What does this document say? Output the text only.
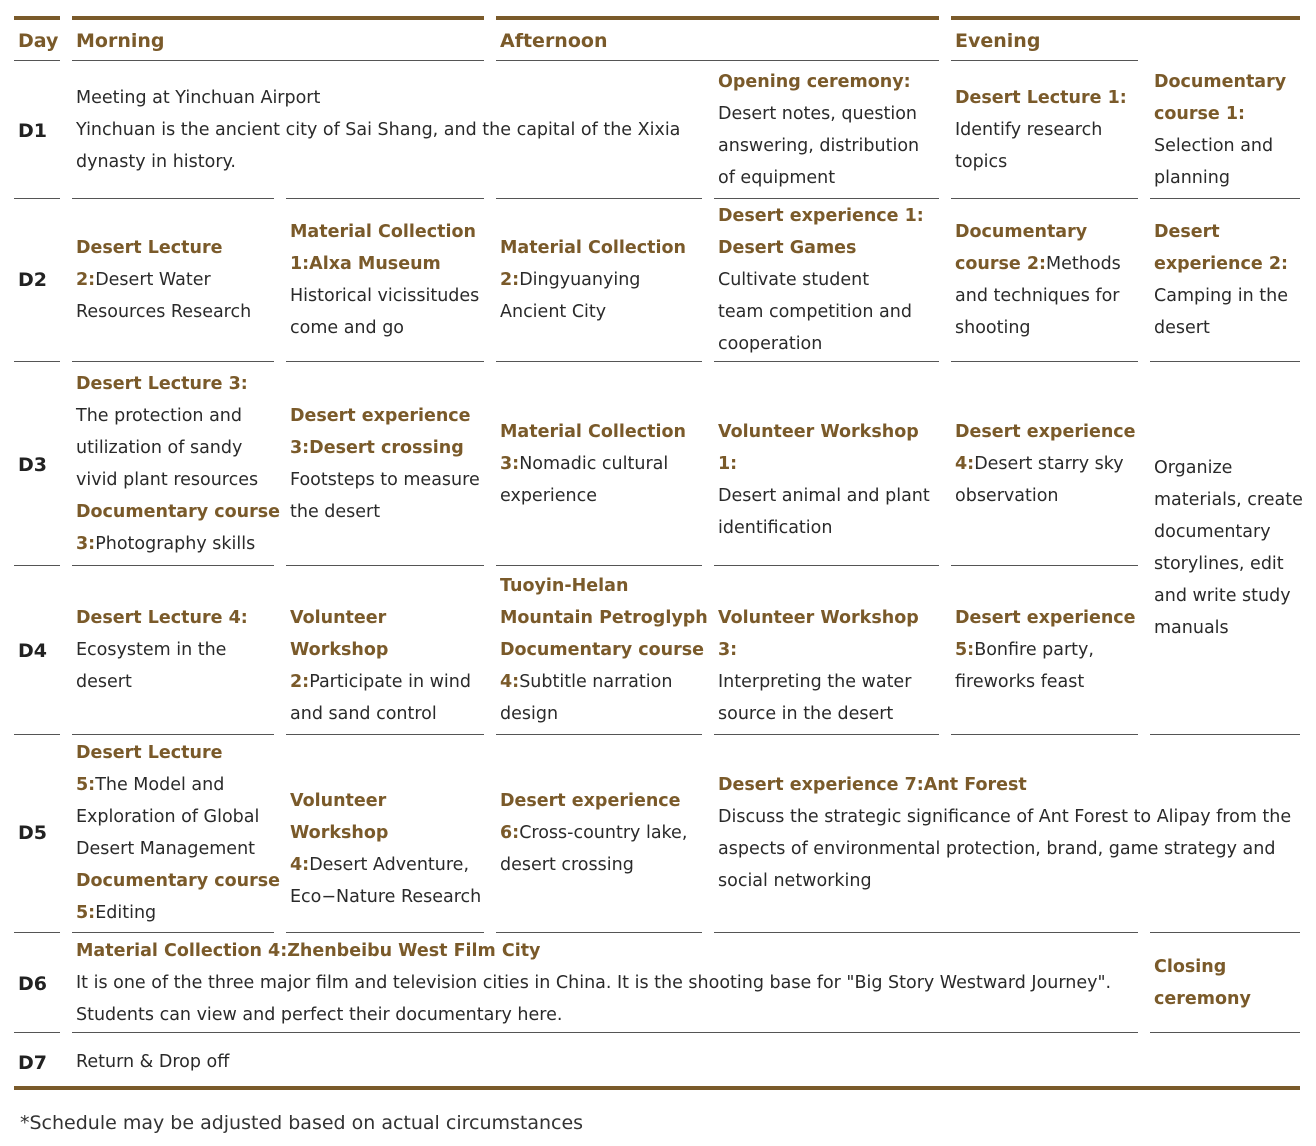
Day Morning	Afternoon	Evening
D1
D2
D3
D4
D5
D6
D7
Meeting at Yinchuan Airport
Yinchuan is the ancient city of Sai Shang, and the capital of the Xixia
dynasty in history.
Opening ceremony:
Desert notes, question
answering, distribution
of equipment
Desert Lecture 1:
Identify research
topics
Documentary
course 1:
Selection and
planning
Desert Lecture
2:Desert Water
Resources Research
Material Collection
1:Alxa Museum
Historical vicissitudes
come and go
Material Collection
2:Dingyuanying
Ancient City
Desert experience 1:
Desert Games
Cultivate student
team competition and
cooperation
Documentary
course 2:Methods
and techniques for
shooting
Desert
experience 2:
Camping in the
desert
Desert Lecture 3:
The protection and
utilization of sandy
vivid plant resources
Documentary course
3:Photography skills
Desert experience
3:Desert crossing
Footsteps to measure
the desert
Material Collection
3:Nomadic cultural
experience
Volunteer Workshop 1:
Desert animal and plant
identification
Desert experience
4:Desert starry sky
observation
Organize
materials, create
documentary
storylines, edit
and write study
manuals
Desert Lecture 4:
Ecosystem in the
desert
Volunteer Workshop
2:Participate in wind
and sand control
Tuoyin-Helan
Mountain Petroglyph
Documentary course
4:Subtitle narration
design
Volunteer Workshop 3:
Interpreting the water
source in the desert
Desert experience
5:Bonfire party,
fireworks feast
Desert Lecture
5:The Model and
Exploration of Global
Desert Management
Documentary course
5:Editing
Volunteer Workshop
4:Desert Adventure,
Eco−Nature Research
Desert experience
6:Cross-country lake,
desert crossing
Desert experience 7:Ant Forest
Discuss the strategic significance of Ant Forest to Alipay from the
aspects of environmental protection, brand, game strategy and
social networking
Material Collection 4:Zhenbeibu West Film City
It is one of the three major film and television cities in China. It is the shooting base for "Big Story Westward Journey".
Students can view and perfect their documentary here.
Closing
ceremony
Return & Drop off
*Schedule may be adjusted based on actual circumstances
